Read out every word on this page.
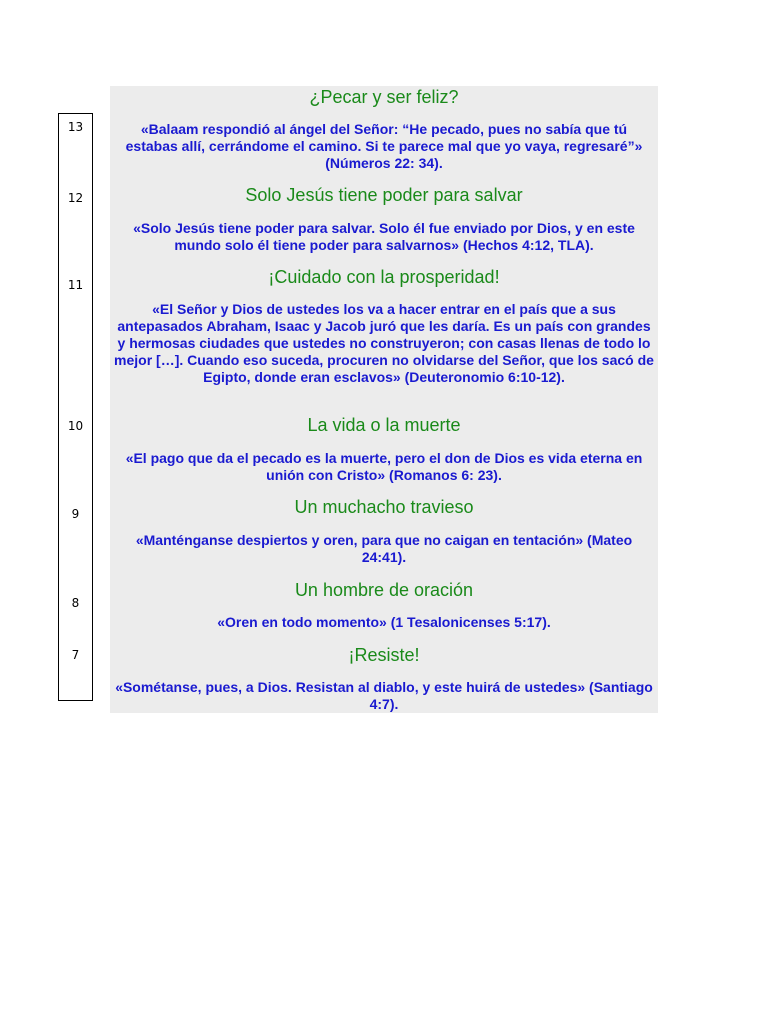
13
12
11
10
9
8
7
¿Pecar y ser feliz?
«Balaam respondió al ángel del Señor: “He pecado, pues no sabía que tú estabas allí, cerrándome el camino. Si te parece mal que yo vaya, regresaré”» (Números 22: 34).
Solo Jesús tiene poder para salvar
«Solo Jesús tiene poder para salvar. Solo él fue enviado por Dios, y en este mundo solo él tiene poder para salvarnos» (Hechos 4:12, TLA).
¡Cuidado con la prosperidad!
«El Señor y Dios de ustedes los va a hacer entrar en el país que a sus antepasados Abraham, Isaac y Jacob juró que les daría. Es un país con grandes y hermosas ciudades que ustedes no construyeron; con casas llenas de todo lo mejor […]. Cuando eso suceda, procuren no olvidarse del Señor, que los sacó de Egipto, donde eran esclavos» (Deuteronomio 6:10-12).
La vida o la muerte
«El pago que da el pecado es la muerte, pero el don de Dios es vida eterna en unión con Cristo» (Romanos 6: 23).
Un muchacho travieso
«Manténganse despiertos y oren, para que no caigan en tentación» (Mateo 24:41).
Un hombre de oración
«Oren en todo momento» (1 Tesalonicenses 5:17).
¡Resiste!
«Sométanse, pues, a Dios. Resistan al diablo, y este huirá de ustedes» (Santiago 4:7).
